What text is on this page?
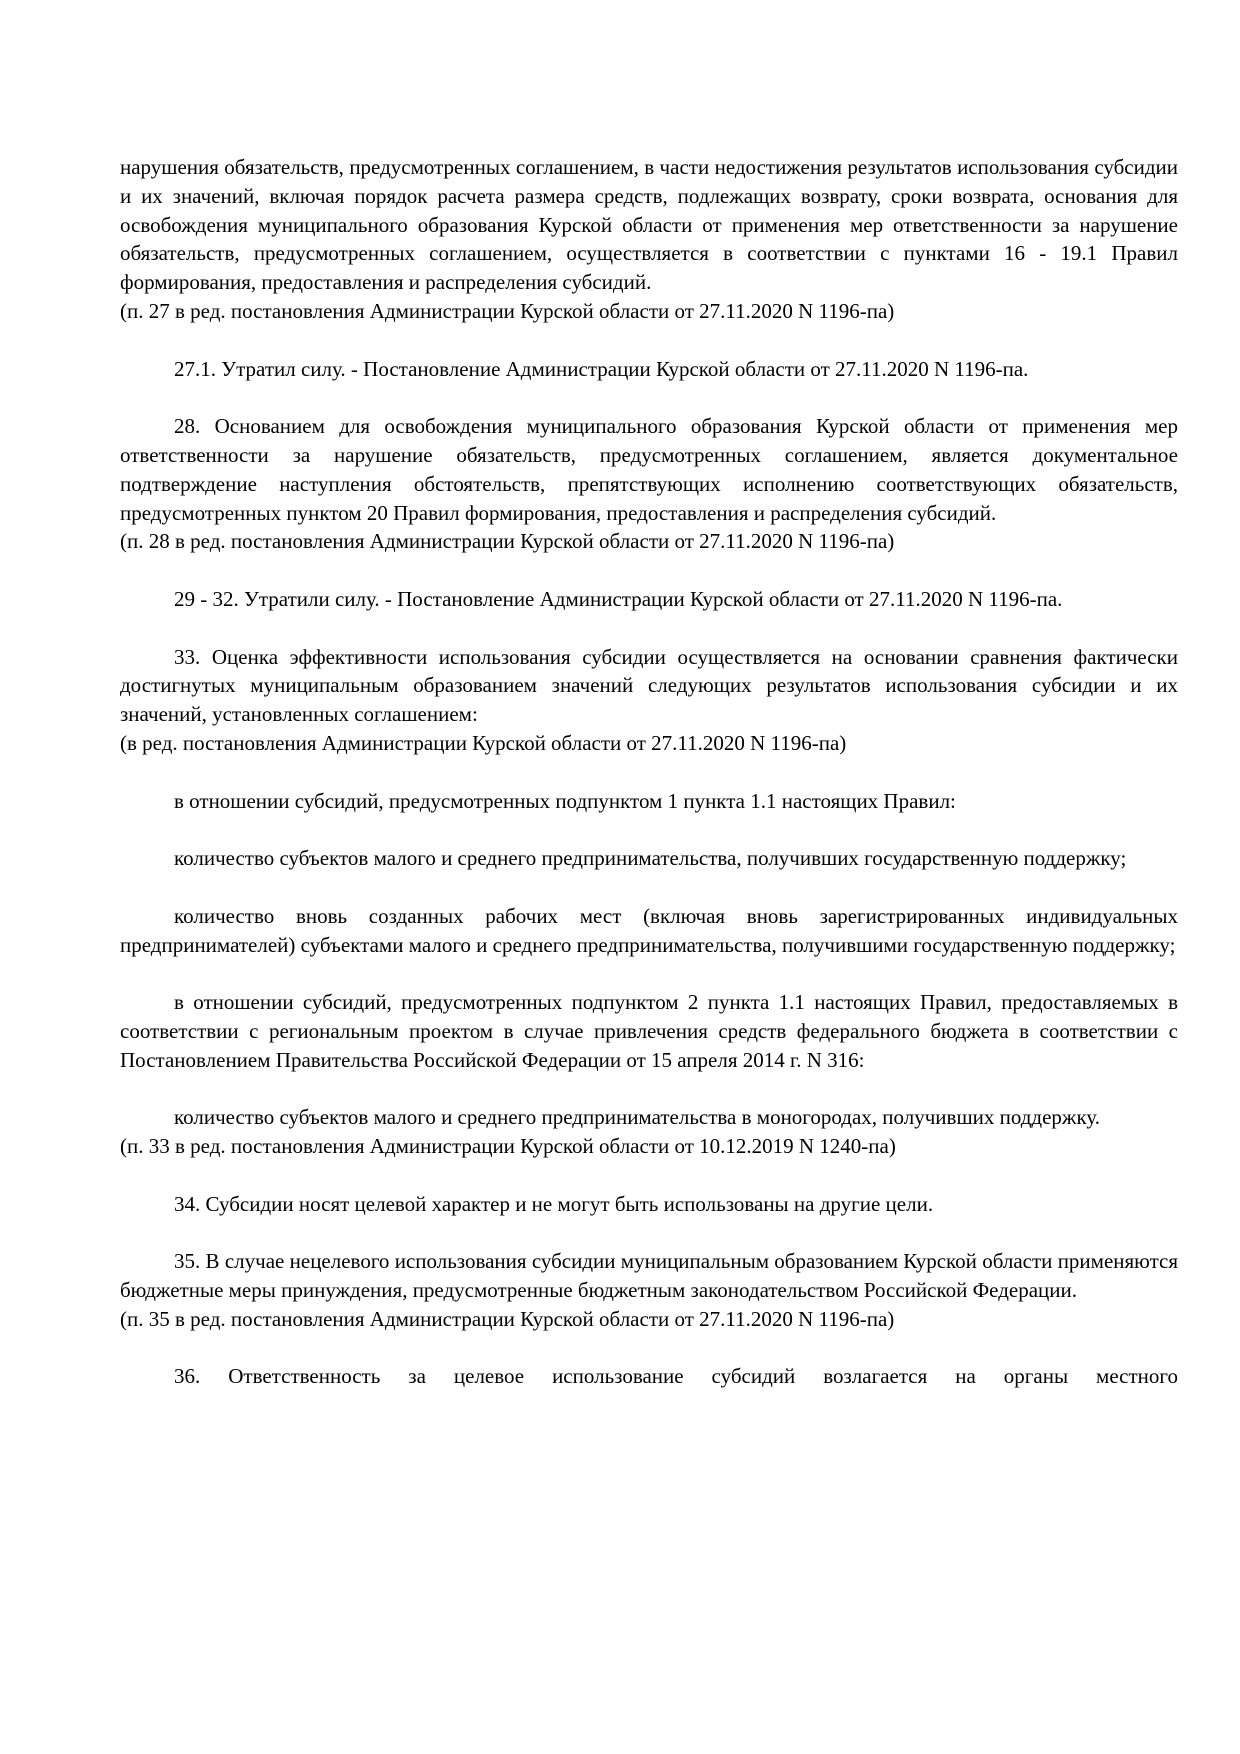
нарушения обязательств, предусмотренных соглашением, в части недостижения результатов использования субсидии и их значений, включая порядок расчета размера средств, подлежащих возврату, сроки возврата, основания для освобождения муниципального образования Курской области от применения мер ответственности за нарушение обязательств, предусмотренных соглашением, осуществляется в соответствии с пунктами 16 - 19.1 Правил формирования, предоставления и распределения субсидий.

(п. 27 в ред. постановления Администрации Курской области от 27.11.2020 N 1196-па)

27.1. Утратил силу. - Постановление Администрации Курской области от 27.11.2020 N 1196-па.

28. Основанием для освобождения муниципального образования Курской области от применения мер ответственности за нарушение обязательств, предусмотренных соглашением, является документальное подтверждение наступления обстоятельств, препятствующих исполнению соответствующих обязательств, предусмотренных пунктом 20 Правил формирования, предоставления и распределения субсидий.

(п. 28 в ред. постановления Администрации Курской области от 27.11.2020 N 1196-па)

29 - 32. Утратили силу. - Постановление Администрации Курской области от 27.11.2020 N 1196-па.

33. Оценка эффективности использования субсидии осуществляется на основании сравнения фактически достигнутых муниципальным образованием значений следующих результатов использования субсидии и их значений, установленных соглашением:

(в ред. постановления Администрации Курской области от 27.11.2020 N 1196-па)

в отношении субсидий, предусмотренных подпунктом 1 пункта 1.1 настоящих Правил:

количество субъектов малого и среднего предпринимательства, получивших государственную поддержку;

количество вновь созданных рабочих мест (включая вновь зарегистрированных индивидуальных предпринимателей) субъектами малого и среднего предпринимательства, получившими государственную поддержку;

в отношении субсидий, предусмотренных подпунктом 2 пункта 1.1 настоящих Правил, предоставляемых в соответствии с региональным проектом в случае привлечения средств федерального бюджета в соответствии с Постановлением Правительства Российской Федерации от 15 апреля 2014 г. N 316:

количество субъектов малого и среднего предпринимательства в моногородах, получивших поддержку.

(п. 33 в ред. постановления Администрации Курской области от 10.12.2019 N 1240-па)

34. Субсидии носят целевой характер и не могут быть использованы на другие цели.

35. В случае нецелевого использования субсидии муниципальным образованием Курской области применяются бюджетные меры принуждения, предусмотренные бюджетным законодательством Российской Федерации.

(п. 35 в ред. постановления Администрации Курской области от 27.11.2020 N 1196-па)

36. Ответственность за целевое использование субсидий возлагается на органы местного
